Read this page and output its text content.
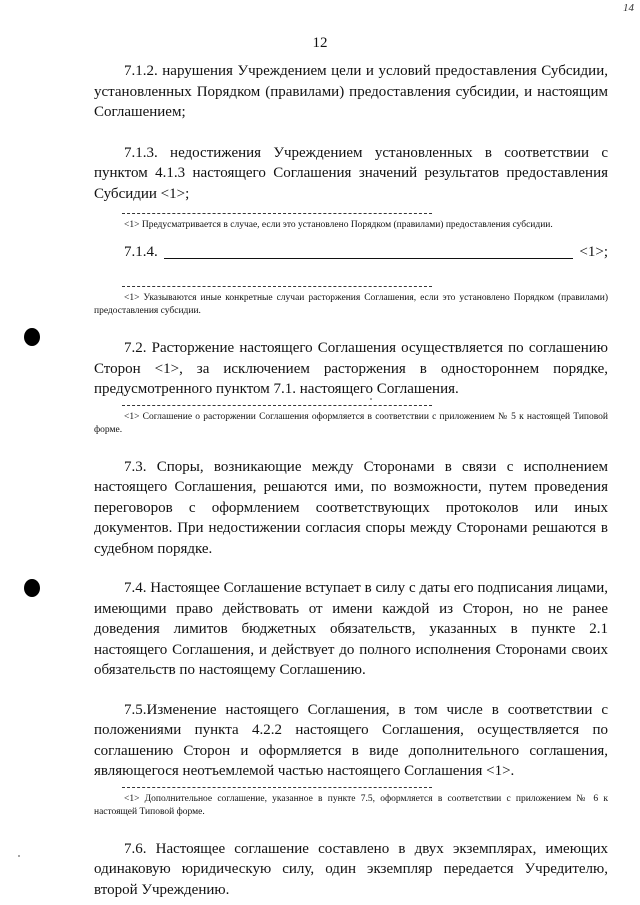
14
12

7.1.2. нарушения Учреждением цели и условий предоставления Субсидии, установленных Порядком (правилами) предоставления субсидии, и настоящим Соглашением;

7.1.3. недостижения Учреждением установленных в соответствии с пунктом 4.1.3 настоящего Соглашения значений результатов предоставления Субсидии <1>;

<1> Предусматривается в случае, если это установлено Порядком (правилами) предоставления субсидии.

7.1.4.	<1>;

<1> Указываются иные конкретные случаи расторжения Соглашения, если это установлено Порядком (правилами) предоставления субсидии.

7.2. Расторжение настоящего Соглашения осуществляется по соглашению Сторон <1>, за исключением расторжения в одностороннем порядке, предусмотренного пунктом 7.1. настоящего Соглашения.

<1> Соглашение о расторжении Соглашения оформляется в соответствии с приложением № 5 к настоящей Типовой форме.

7.3. Споры, возникающие между Сторонами в связи с исполнением настоящего Соглашения, решаются ими, по возможности, путем проведения переговоров с оформлением соответствующих протоколов или иных документов. При недостижении согласия споры между Сторонами решаются в судебном порядке.

7.4. Настоящее Соглашение вступает в силу с даты его подписания лицами, имеющими право действовать от имени каждой из Сторон, но не ранее доведения лимитов бюджетных обязательств, указанных в пункте 2.1 настоящего Соглашения, и действует до полного исполнения Сторонами своих обязательств по настоящему Соглашению.

7.5.Изменение настоящего Соглашения, в том числе в соответствии с положениями пункта 4.2.2 настоящего Соглашения, осуществляется по соглашению Сторон и оформляется в виде дополнительного соглашения, являющегося неотъемлемой частью настоящего Соглашения <1>.

<1> Дополнительное соглашение, указанное в пункте 7.5, оформляется в соответствии с приложением № 6 к настоящей Типовой форме.

7.6. Настоящее соглашение составлено в двух экземплярах, имеющих одинаковую юридическую силу, один экземпляр передается Учредителю, второй Учреждению.
